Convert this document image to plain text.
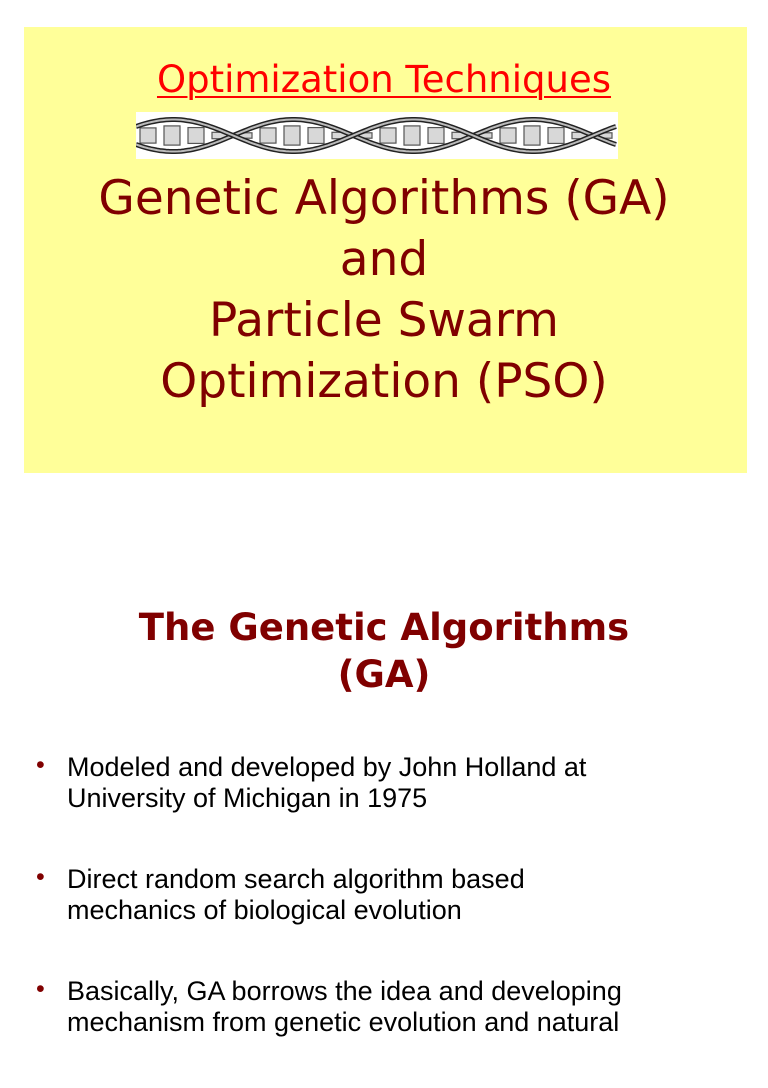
Optimization Techniques
Genetic Algorithms (GA)
and
Particle Swarm
Optimization (PSO)
The Genetic Algorithms
(GA)
• Modeled and developed by John Holland at
University of Michigan in 1975
• Direct random search algorithm based
mechanics of biological evolution
• Basically, GA borrows the idea and developing
mechanism from genetic evolution and natural
